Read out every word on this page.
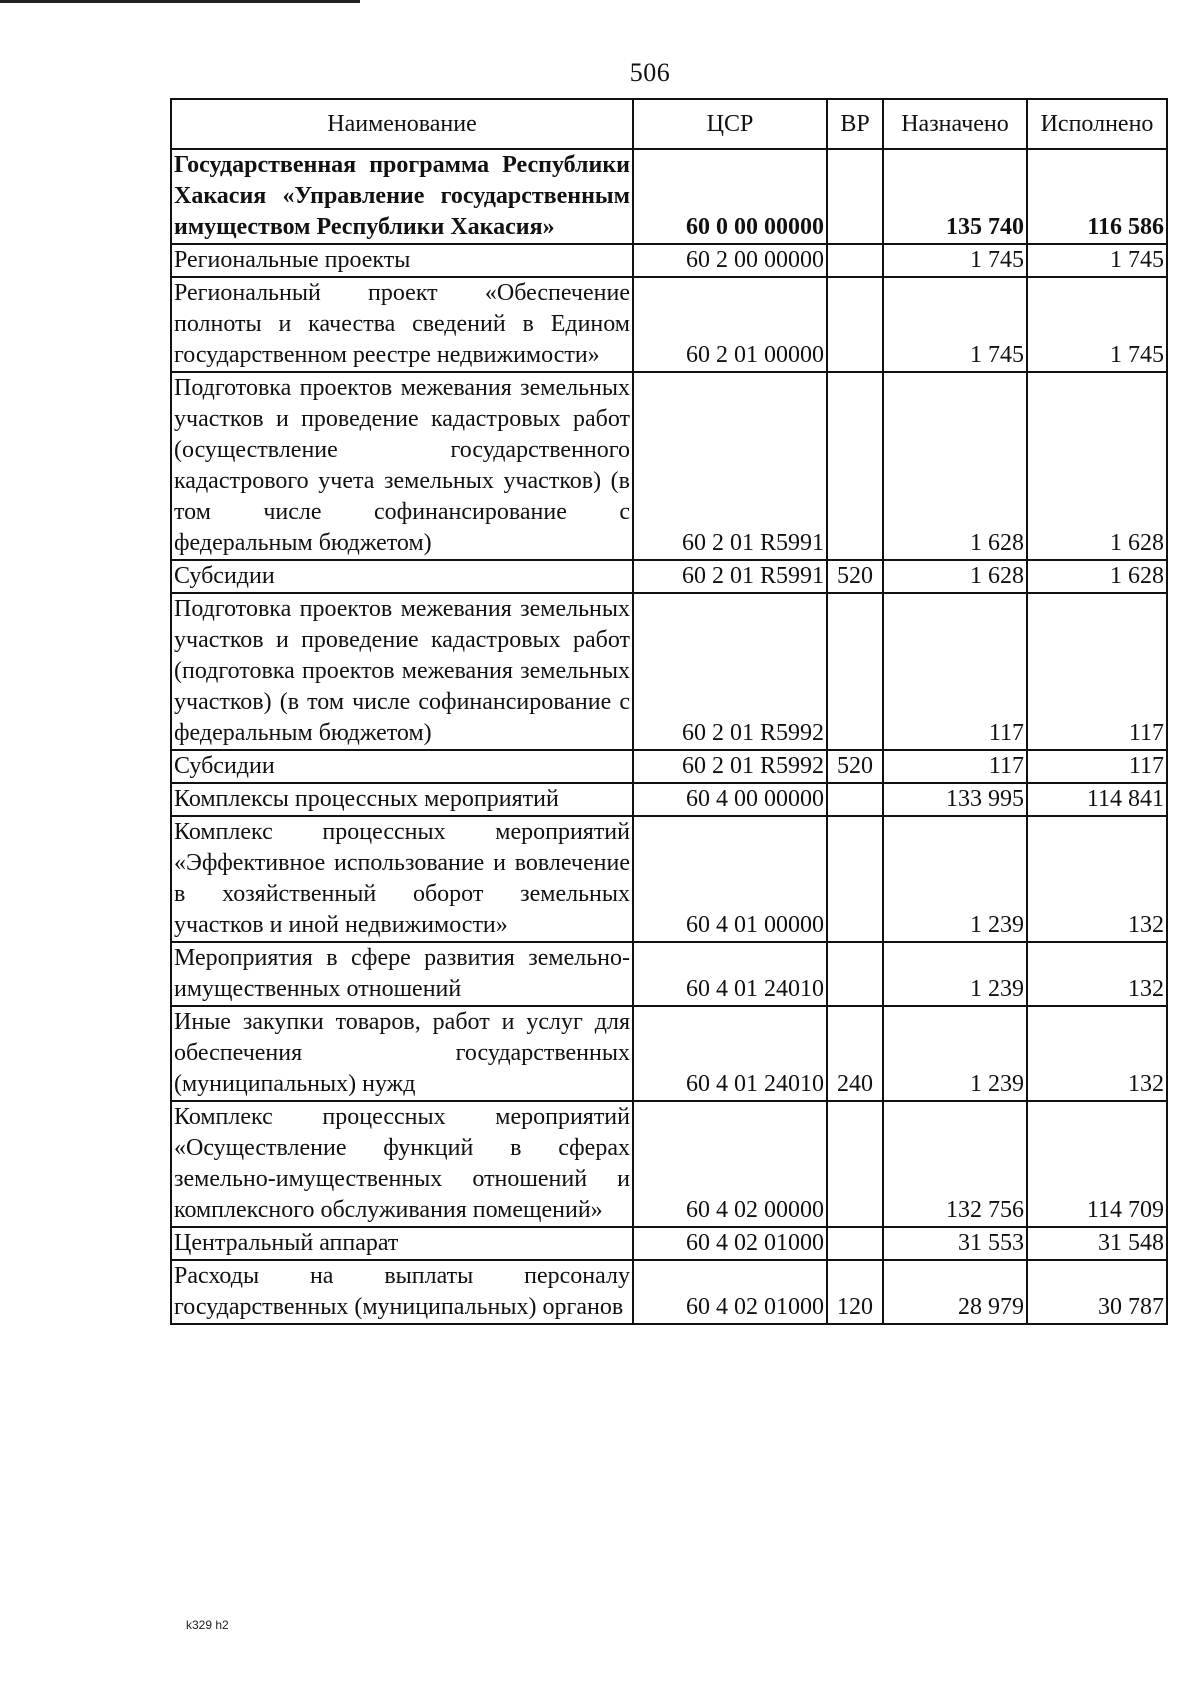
506
Наименование	ЦСР	ВР	Назначено	Исполнено
Государственная программа Республики Хакасия «Управление государственным имуществом Республики Хакасия»	60 0 00 00000		135 740	116 586
Региональные проекты	60 2 00 00000		1 745	1 745
Региональный проект «Обеспечение полноты и качества сведений в Едином государственном реестре недвижимости»	60 2 01 00000		1 745	1 745
Подготовка проектов межевания земельных участков и проведение кадастровых работ (осуществление государственного кадастрового учета земельных участков) (в том числе софинансирование с федеральным бюджетом)	60 2 01 R5991		1 628	1 628
Субсидии	60 2 01 R5991	520	1 628	1 628
Подготовка проектов межевания земельных участков и проведение кадастровых работ (подготовка проектов межевания земельных участков) (в том числе софинансирование с федеральным бюджетом)	60 2 01 R5992		117	117
Субсидии	60 2 01 R5992	520	117	117
Комплексы процессных мероприятий	60 4 00 00000		133 995	114 841
Комплекс процессных мероприятий «Эффективное использование и вовлечение в хозяйственный оборот земельных участков и иной недвижимости»	60 4 01 00000		1 239	132
Мероприятия в сфере развития земельно-имущественных отношений	60 4 01 24010		1 239	132
Иные закупки товаров, работ и услуг для обеспечения государственных (муниципальных) нужд	60 4 01 24010	240	1 239	132
Комплекс процессных мероприятий «Осуществление функций в сферах земельно-имущественных отношений и комплексного обслуживания помещений»	60 4 02 00000		132 756	114 709
Центральный аппарат	60 4 02 01000		31 553	31 548
Расходы на выплаты персоналу государственных (муниципальных) органов	60 4 02 01000	120	28 979	30 787
k329 h2
